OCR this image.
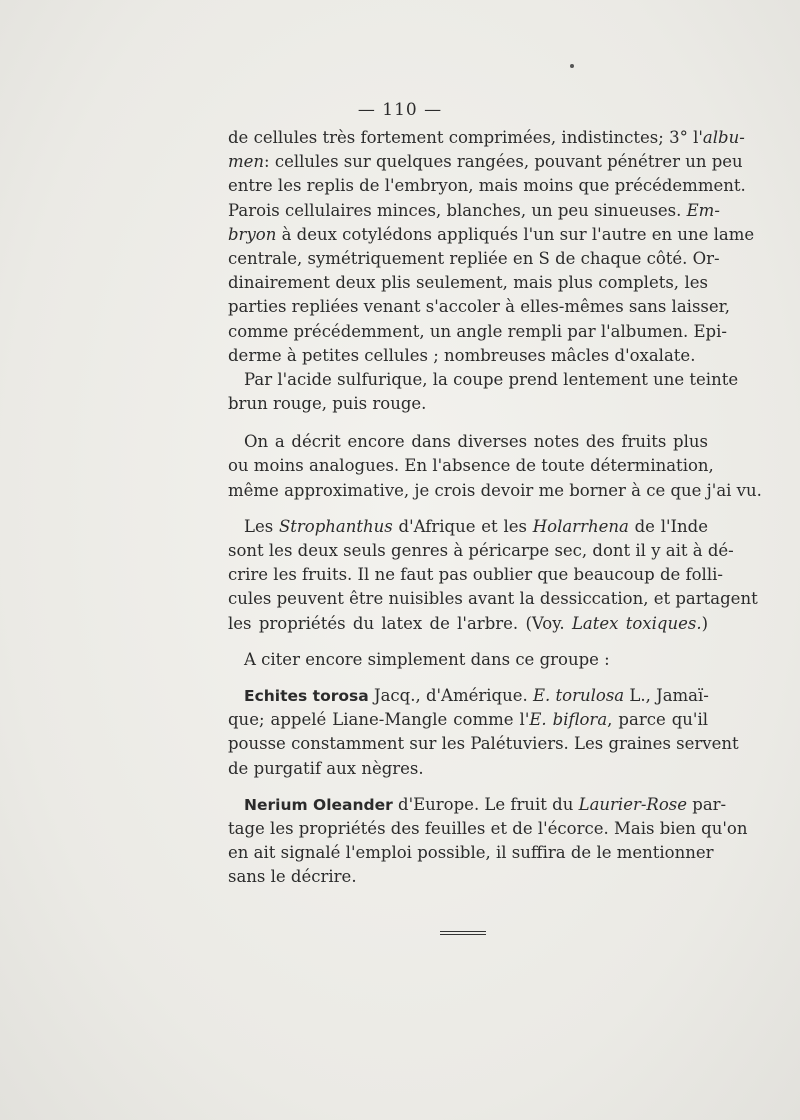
— 110 —
de cellules très fortement comprimées, indistinctes; 3° l'albu-
men: cellules sur quelques rangées, pouvant pénétrer un peu
entre les replis de l'embryon, mais moins que précédemment.
Parois cellulaires minces, blanches, un peu sinueuses. Em-
bryon à deux cotylédons appliqués l'un sur l'autre en une lame
centrale, symétriquement repliée en S de chaque côté. Or-
dinairement deux plis seulement, mais plus complets, les
parties repliées venant s'accoler à elles-mêmes sans laisser,
comme précédemment, un angle rempli par l'albumen. Epi-
derme à petites cellules ; nombreuses mâcles d'oxalate.
Par l'acide sulfurique, la coupe prend lentement une teinte
brun rouge, puis rouge.
On a décrit encore dans diverses notes des fruits plus
ou moins analogues. En l'absence de toute détermination,
même approximative, je crois devoir me borner à ce que j'ai vu.
Les Strophanthus d'Afrique et les Holarrhena de l'Inde
sont les deux seuls genres à péricarpe sec, dont il y ait à dé-
crire les fruits. Il ne faut pas oublier que beaucoup de folli-
cules peuvent être nuisibles avant la dessiccation, et partagent
les propriétés du latex de l'arbre. (Voy. Latex toxiques.)
A citer encore simplement dans ce groupe :
Echites torosa Jacq., d'Amérique. E. torulosa L., Jamaï-
que; appelé Liane-Mangle comme l'E. biflora, parce qu'il
pousse constamment sur les Palétuviers. Les graines servent
de purgatif aux nègres.
Nerium Oleander d'Europe. Le fruit du Laurier-Rose par-
tage les propriétés des feuilles et de l'écorce. Mais bien qu'on
en ait signalé l'emploi possible, il suffira de le mentionner
sans le décrire.
